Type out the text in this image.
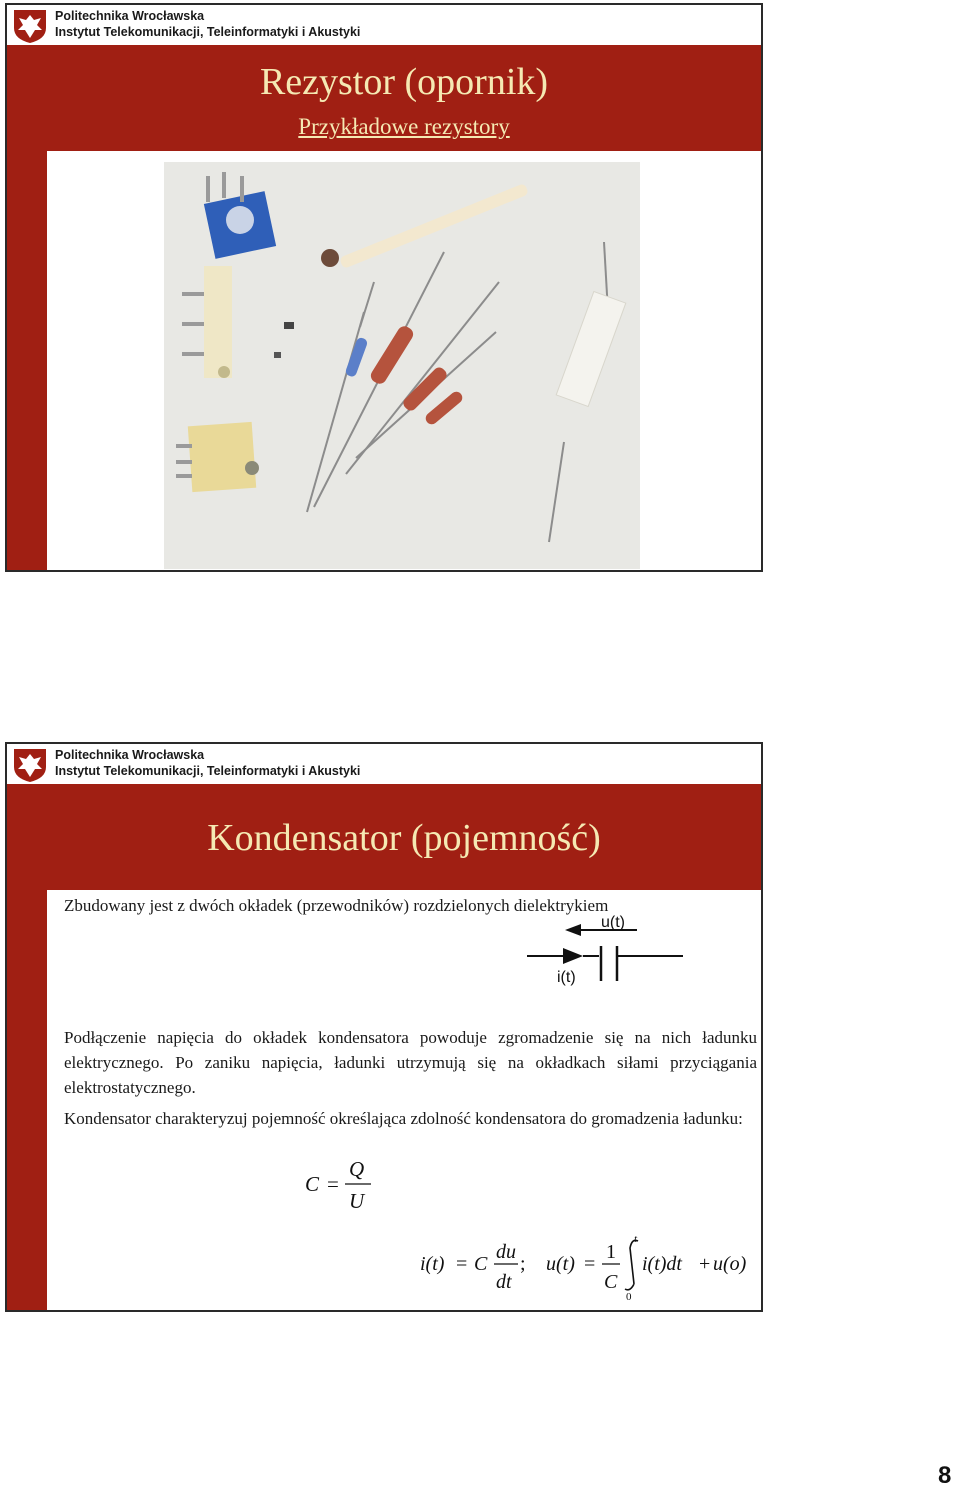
Politechnika Wrocławska
Instytut Telekomunikacji, Teleinformatyki i Akustyki
Rezystor (opornik)
Przykładowe rezystory
Politechnika Wrocławska
Instytut Telekomunikacji, Teleinformatyki i Akustyki
Kondensator (pojemność)
Zbudowany jest z dwóch okładek (przewodników) rozdzielonych dielektrykiem
u(t)
i(t)
Podłączenie napięcia do okładek kondensatora powoduje zgromadzenie się na nich ładunku elektrycznego. Po zaniku napięcia, ładunki utrzymują się na okładkach siłami przyciągania elektrostatycznego.
Kondensator charakteryzuj pojemność określająca zdolność kondensatora do gromadzenia ładunku:
C =
Q
U
i(t) = C
du
dt
; u(t) =
1
C
t
0
i(t)dt + u(o)
8
